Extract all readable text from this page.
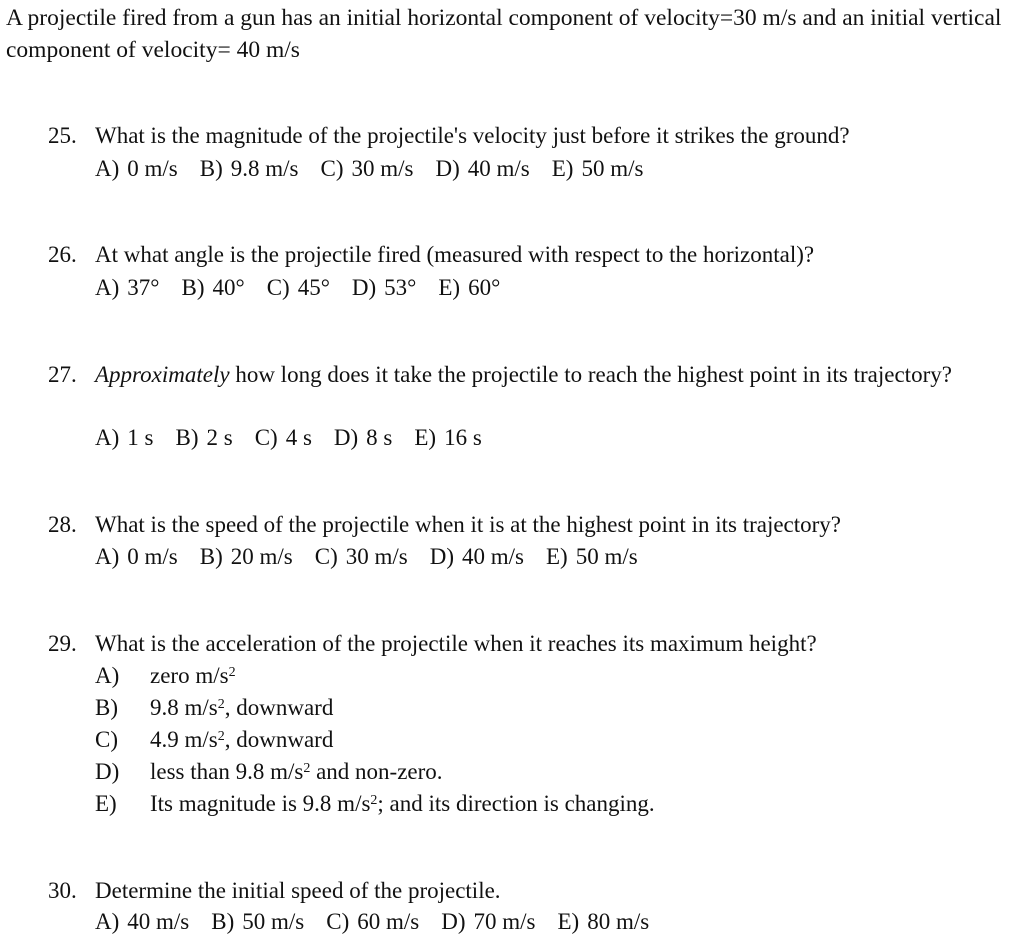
A projectile fired from a gun has an initial horizontal component of velocity=30 m/s and an initial vertical component of velocity= 40 m/s
25. What is the magnitude of the projectile's velocity just before it strikes the ground?
A) 0 m/s B) 9.8 m/s C) 30 m/s D) 40 m/s E) 50 m/s
26. At what angle is the projectile fired (measured with respect to the horizontal)?
A) 37° B) 40° C) 45° D) 53° E) 60°
27. Approximately how long does it take the projectile to reach the highest point in its trajectory?
A) 1 s B) 2 s C) 4 s D) 8 s E) 16 s
28. What is the speed of the projectile when it is at the highest point in its trajectory?
A) 0 m/s B) 20 m/s C) 30 m/s D) 40 m/s E) 50 m/s
29. What is the acceleration of the projectile when it reaches its maximum height?
A) zero $m/s^2$
B) 9.8 $m/s^2$, downward
C) 4.9 $m/s^2$, downward
D) less than 9.8 $m/s^2$ and non-zero.
E) Its magnitude is 9.8 $m/s^2$; and its direction is changing.
30. Determine the initial speed of the projectile.
A) 40 m/s B) 50 m/s C) 60 m/s D) 70 m/s E) 80 m/s
